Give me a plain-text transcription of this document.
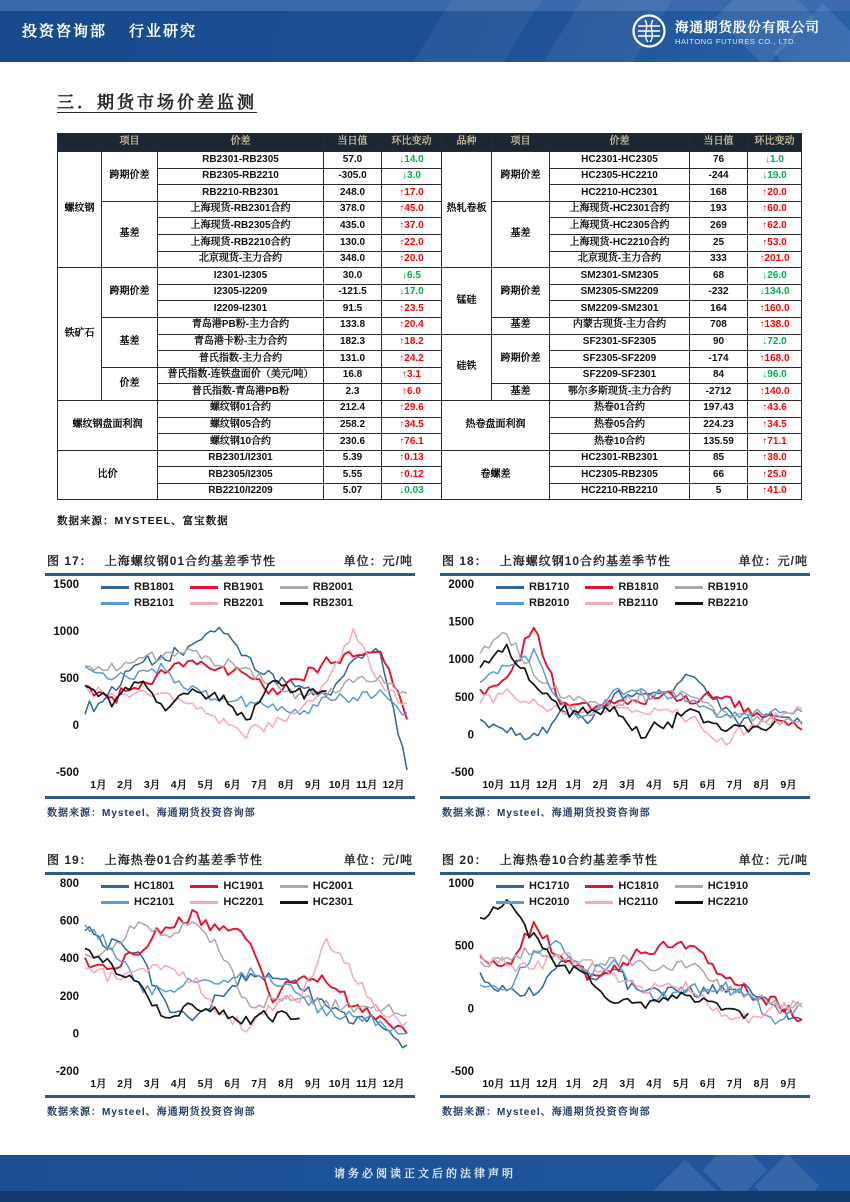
投资咨询部 行业研究	海通期货股份有限公司
HAITONG FUTURES CO., LTD.
三．期货市场价差监测
	项目	价差	当日值	环比变动	品种	项目	价差	当日值	环比变动
螺纹钢	跨期价差	RB2301-RB2305	57.0	↓14.0	热轧卷板	跨期价差	HC2301-HC2305	76	↓1.0
		RB2305-RB2210	-305.0	↓3.0			HC2305-HC2210	-244	↓19.0
		RB2210-RB2301	248.0	↑17.0			HC2210-HC2301	168	↑20.0
	基差	上海现货-RB2301合约	378.0	↑45.0		基差	上海现货-HC2301合约	193	↑60.0
		上海现货-RB2305合约	435.0	↑37.0			上海现货-HC2305合约	269	↑62.0
		上海现货-RB2210合约	130.0	↑22.0			上海现货-HC2210合约	25	↑53.0
		北京现货-主力合约	348.0	↑20.0			北京现货-主力合约	333	↑201.0
铁矿石	跨期价差	I2301-I2305	30.0	↓6.5	锰硅	跨期价差	SM2301-SM2305	68	↓26.0
		I2305-I2209	-121.5	↓17.0			SM2305-SM2209	-232	↓134.0
		I2209-I2301	91.5	↑23.5			SM2209-SM2301	164	↑160.0
	基差	青岛港PB粉-主力合约	133.8	↑20.4		基差	内蒙古现货-主力合约	708	↑138.0
		青岛港卡粉-主力合约	182.3	↑18.2	硅铁	跨期价差	SF2301-SF2305	90	↓72.0
		普氏指数-主力合约	131.0	↑24.2			SF2305-SF2209	-174	↑168.0
	价差	普氏指数-连铁盘面价（美元/吨）	16.8	↑3.1			SF2209-SF2301	84	↓96.0
		普氏指数-青岛港PB粉	2.3	↑6.0		基差	鄂尔多斯现货-主力合约	-2712	↑140.0
螺纹钢盘面利润		螺纹钢01合约	212.4	↑29.6	热卷盘面利润		热卷01合约	197.43	↑43.6
		螺纹钢05合约	258.2	↑34.5			热卷05合约	224.23	↑34.5
		螺纹钢10合约	230.6	↑76.1			热卷10合约	135.59	↑71.1
比价		RB2301/I2301	5.39	↑0.13	卷螺差		HC2301-RB2301	85	↑38.0
		RB2305/I2305	5.55	↑0.12			HC2305-RB2305	66	↑25.0
		RB2210/I2209	5.07	↓0.03			HC2210-RB2210	5	↑41.0
数据来源：MYSTEEL、富宝数据
图 17： 上海螺纹钢01合约基差季节性	单位：元/吨
1500
1000
500
0
-500
1月 2月 3月 4月 5月 6月 7月 8月 9月 10月 11月 12月
RB1801	RB1901	RB2001
RB2101	RB2201	RB2301
数据来源：Mysteel、海通期货投资咨询部
图 18： 上海螺纹钢10合约基差季节性	单位：元/吨
2000
1500
1000
500
0
-500
10月 11月 12月 1月 2月 3月 4月 5月 6月 7月 8月 9月
RB1710	RB1810	RB1910
RB2010	RB2110	RB2210
数据来源：Mysteel、海通期货投资咨询部
图 19： 上海热卷01合约基差季节性	单位：元/吨
800
600
400
200
0
-200
1月 2月 3月 4月 5月 6月 7月 8月 9月 10月 11月 12月
HC1801	HC1901	HC2001
HC2101	HC2201	HC2301
数据来源：Mysteel、海通期货投资咨询部
图 20： 上海热卷10合约基差季节性	单位：元/吨
1000
500
0
-500
10月 11月 12月 1月 2月 3月 4月 5月 6月 7月 8月 9月
HC1710	HC1810	HC1910
HC2010	HC2110	HC2210
数据来源：Mysteel、海通期货投资咨询部
请务必阅读正文后的法律声明
